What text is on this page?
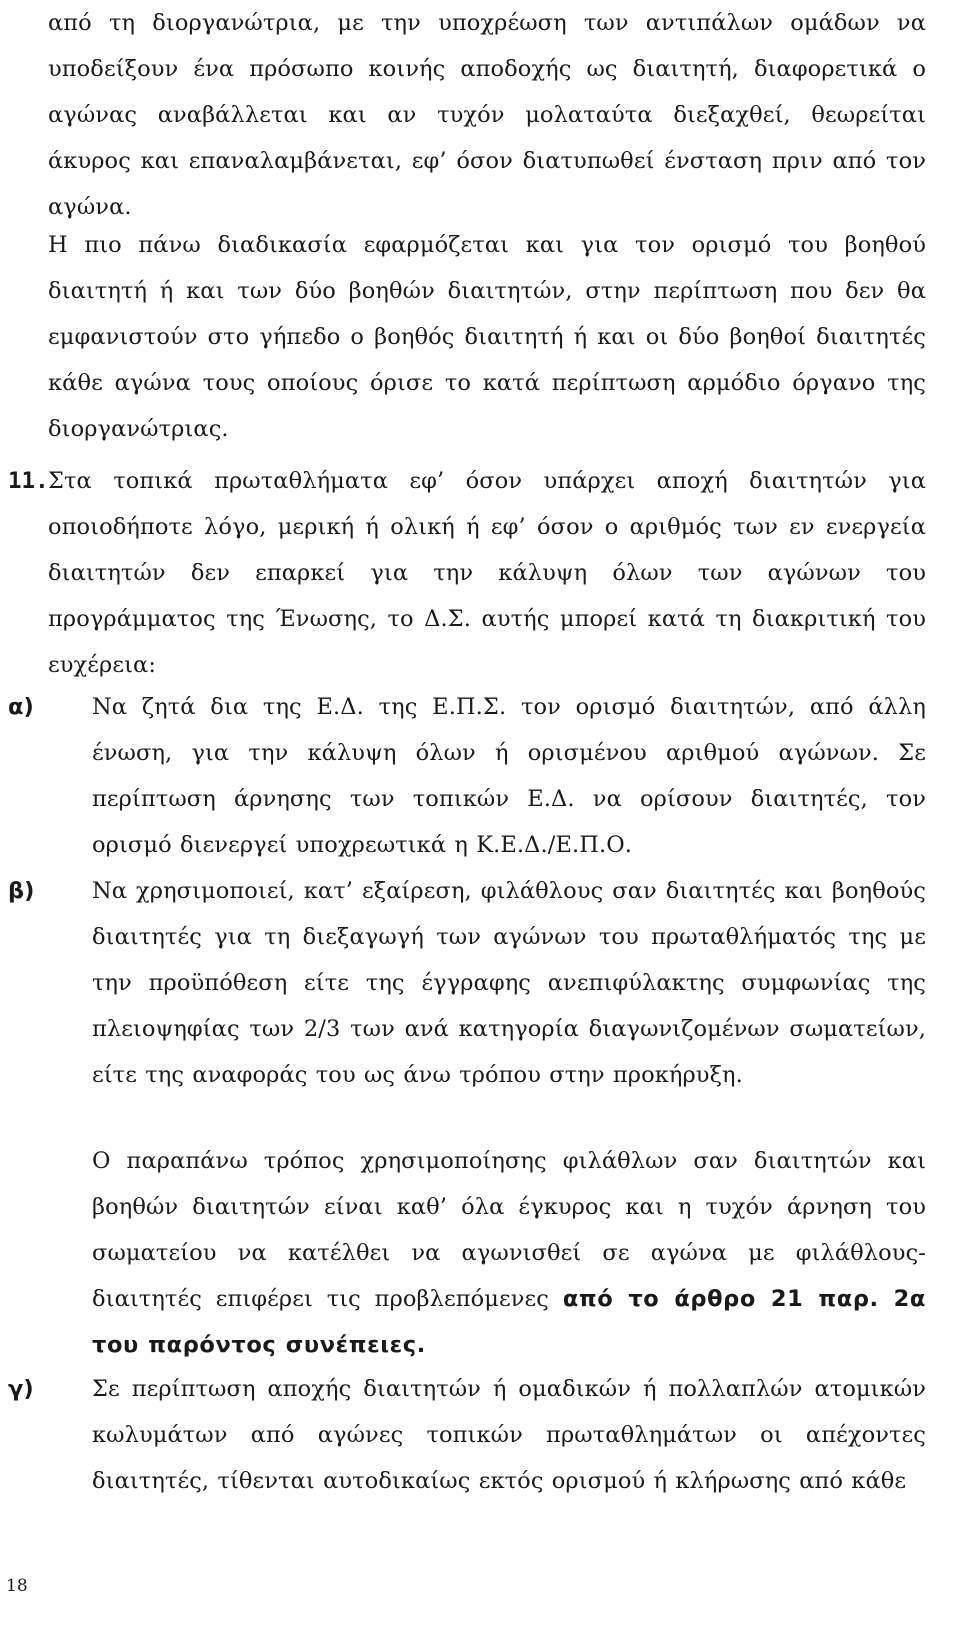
από τη διοργανώτρια, με την υποχρέωση των αντιπάλων ομάδων να υποδείξουν ένα πρόσωπο κοινής αποδοχής ως διαιτητή, διαφορετικά ο αγώνας αναβάλλεται και αν τυχόν μολαταύτα διεξαχθεί, θεωρείται άκυρος και επαναλαμβάνεται, εφ’ όσον διατυπωθεί ένσταση πριν από τον αγώνα.

Η πιο πάνω διαδικασία εφαρμόζεται και για τον ορισμό του βοηθού διαιτητή ή και των δύο βοηθών διαιτητών, στην περίπτωση που δεν θα εμφανιστούν στο γήπεδο ο βοηθός διαιτητή ή και οι δύο βοηθοί διαιτητές κάθε αγώνα τους οποίους όρισε το κατά περίπτωση αρμόδιο όργανο της διοργανώτριας.

11. Στα τοπικά πρωταθλήματα εφ’ όσον υπάρχει αποχή διαιτητών για οποιοδήποτε λόγο, μερική ή ολική ή εφ’ όσον ο αριθμός των εν ενεργεία διαιτητών δεν επαρκεί για την κάλυψη όλων των αγώνων του προγράμματος της Ένωσης, το Δ.Σ. αυτής μπορεί κατά τη διακριτική του ευχέρεια:

α)	Να ζητά δια της Ε.Δ. της Ε.Π.Σ. τον ορισμό διαιτητών, από άλλη ένωση, για την κάλυψη όλων ή ορισμένου αριθμού αγώνων. Σε περίπτωση άρνησης των τοπικών Ε.Δ. να ορίσουν διαιτητές, τον ορισμό διενεργεί υποχρεωτικά η Κ.Ε.Δ./Ε.Π.Ο.

β)	Να χρησιμοποιεί, κατ’ εξαίρεση, φιλάθλους σαν διαιτητές και βοηθούς διαιτητές για τη διεξαγωγή των αγώνων του πρωταθλήματός της με την προϋπόθεση είτε της έγγραφης ανεπιφύλακτης συμφωνίας της πλειοψηφίας των 2/3 των ανά κατηγορία διαγωνιζομένων σωματείων, είτε της αναφοράς του ως άνω τρόπου στην προκήρυξη.

Ο παραπάνω τρόπος χρησιμοποίησης φιλάθλων σαν διαιτητών και βοηθών διαιτητών είναι καθ’ όλα έγκυρος και η τυχόν άρνηση του σωματείου να κατέλθει να αγωνισθεί σε αγώνα με φιλάθλους-διαιτητές επιφέρει τις προβλεπόμενες από το άρθρο 21 παρ. 2α του παρόντος συνέπειες.

γ)	Σε περίπτωση αποχής διαιτητών ή ομαδικών ή πολλαπλών ατομικών κωλυμάτων από αγώνες τοπικών πρωταθλημάτων οι απέχοντες διαιτητές, τίθενται αυτοδικαίως εκτός ορισμού ή κλήρωσης από κάθε

18
